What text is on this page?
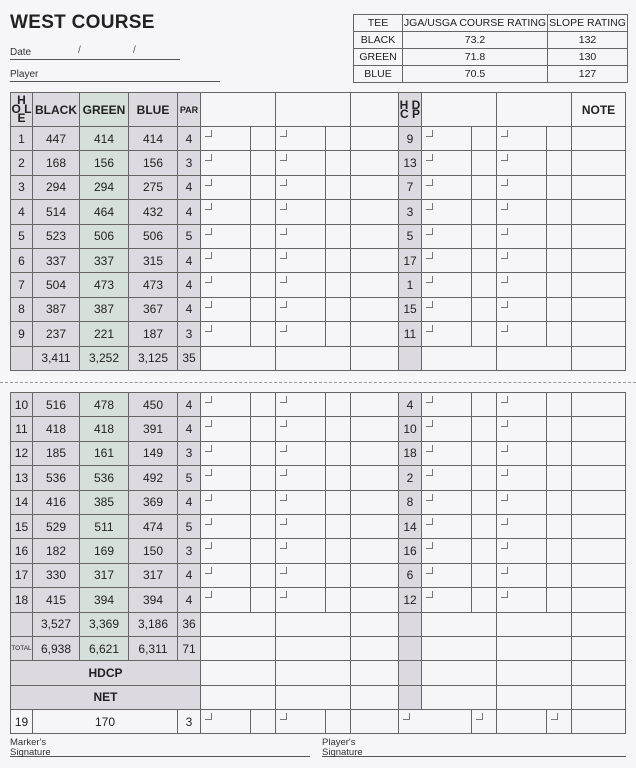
WEST COURSE
Date	/	/
Player
TEE	JGA/USGA COURSE RATING	SLOPE RATING
BLACK	73.2	132
GREEN	71.8	130
BLUE	70.5	127
H O L E	BLACK	GREEN	BLUE	PAR						H D C P					NOTE
1	447	414	414	4						9					
2	168	156	156	3						13					
3	294	294	275	4						7					
4	514	464	432	4						3					
5	523	506	506	5						5					
6	337	337	315	4						17					
7	504	473	473	4						1					
8	387	387	367	4						15					
9	237	221	187	3						11					
	3,411	3,252	3,125	35											
10	516	478	450	4						4					
11	418	418	391	4						10					
12	185	161	149	3						18					
13	536	536	492	5						2					
14	416	385	369	4						8					
15	529	511	474	5						14					
16	182	169	150	3						16					
17	330	317	317	4						6					
18	415	394	394	4						12					
	3,527	3,369	3,186	36											
TOTAL	6,938	6,621	6,311	71											
HDCP															
NET															
19	170			3											
Marker's Signature
Player's Signature
